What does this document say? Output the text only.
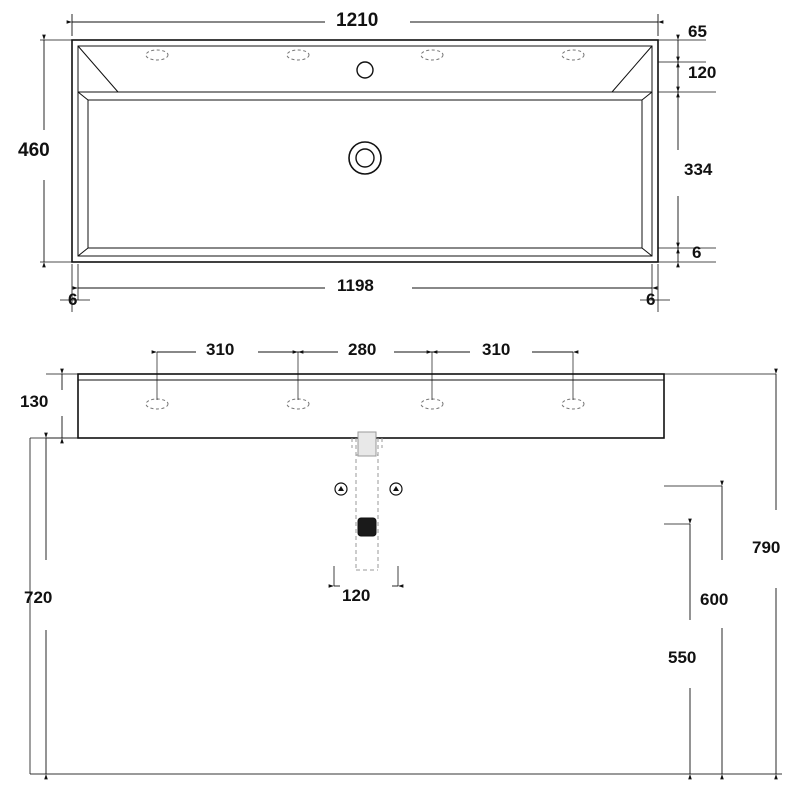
1210
460
1198
6	6
65
120
334
6
310	280	310
130
120
720
790
600
550
